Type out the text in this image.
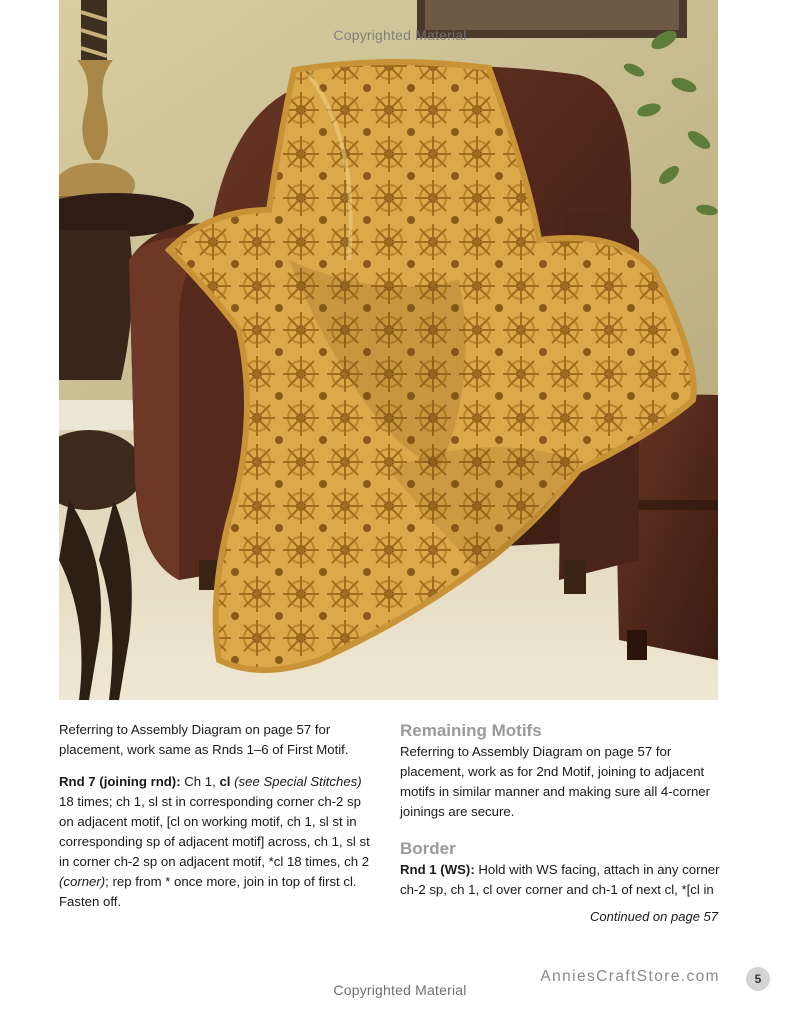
Copyrighted Material

Referring to Assembly Diagram on page 57 for placement, work same as Rnds 1–6 of First Motif.

Rnd 7 (joining rnd): Ch 1, cl (see Special Stitches) 18 times; ch 1, sl st in corresponding corner ch-2 sp on adjacent motif, [cl on working motif, ch 1, sl st in corresponding sp of adjacent motif] across, ch 1, sl st in corner ch-2 sp on adjacent motif, *cl 18 times, ch 2 (corner); rep from * once more, join in top of first cl. Fasten off.

Remaining Motifs

Referring to Assembly Diagram on page 57 for placement, work as for 2nd Motif, joining to adjacent motifs in similar manner and making sure all 4-corner joinings are secure.

Border

Rnd 1 (WS): Hold with WS facing, attach in any corner ch-2 sp, ch 1, cl over corner and ch-1 of next cl, *[cl in

Continued on page 57
AnniesCraftStore.com	5
Copyrighted Material
